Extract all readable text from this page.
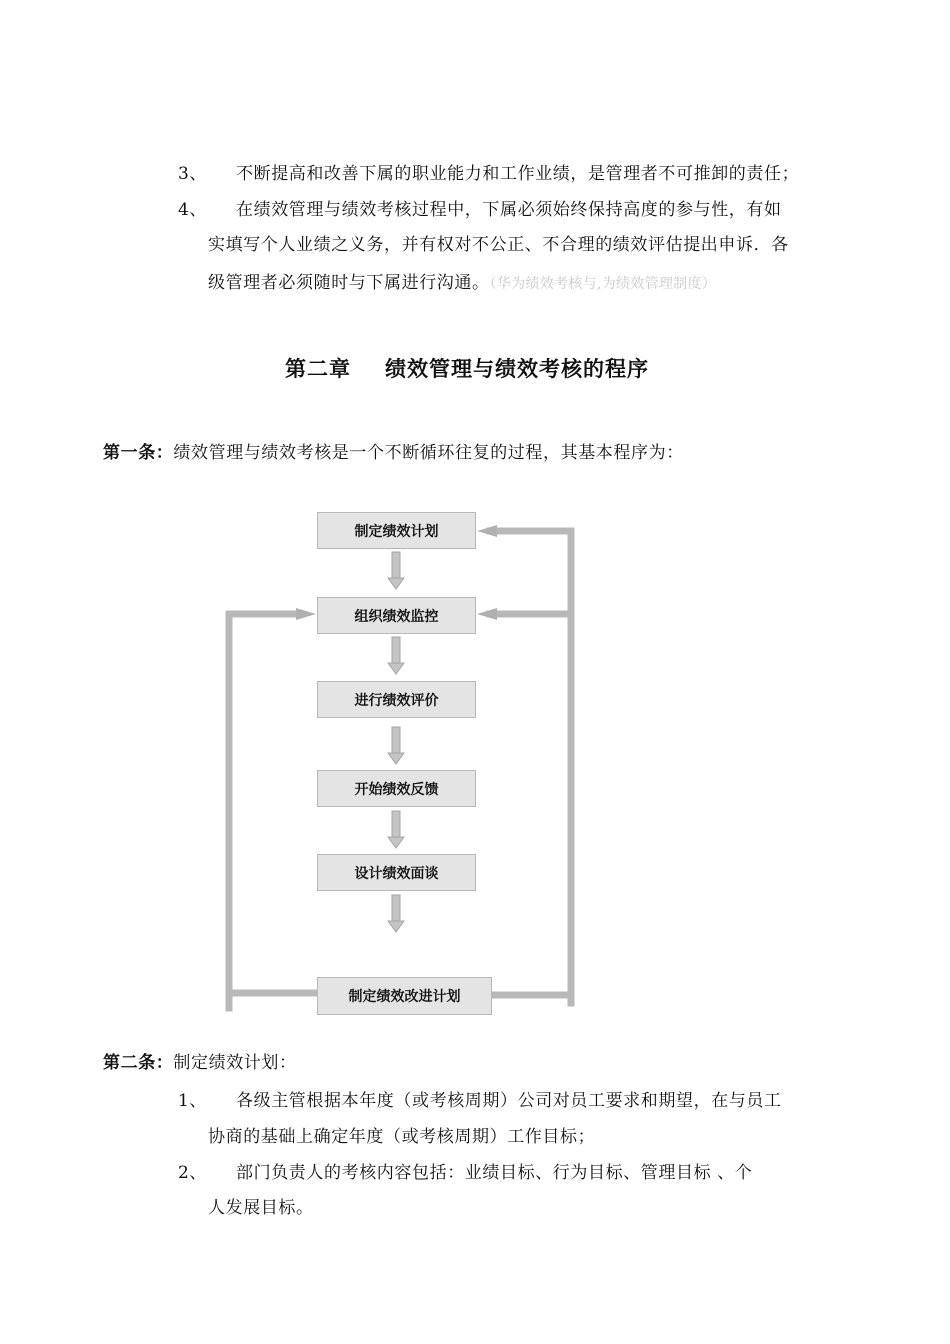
3、 不断提高和改善下属的职业能力和工作业绩，是管理者不可推卸的责任；
4、 在绩效管理与绩效考核过程中，下属必须始终保持高度的参与性，有如
实填写个人业绩之义务，并有权对不公正、不合理的绩效评估提出申诉．各
级管理者必须随时与下属进行沟通。（华为绩效考核与,为绩效管理制度）
第二章 绩效管理与绩效考核的程序
第一条：绩效管理与绩效考核是一个不断循环往复的过程，其基本程序为：
制定绩效计划
组织绩效监控
进行绩效评价
开始绩效反馈
设计绩效面谈
制定绩效改进计划
第二条：制定绩效计划：
1、 各级主管根据本年度（或考核周期）公司对员工要求和期望，在与员工
协商的基础上确定年度（或考核周期）工作目标；
2、 部门负责人的考核内容包括：业绩目标、行为目标、管理目标 、个
人发展目标。
